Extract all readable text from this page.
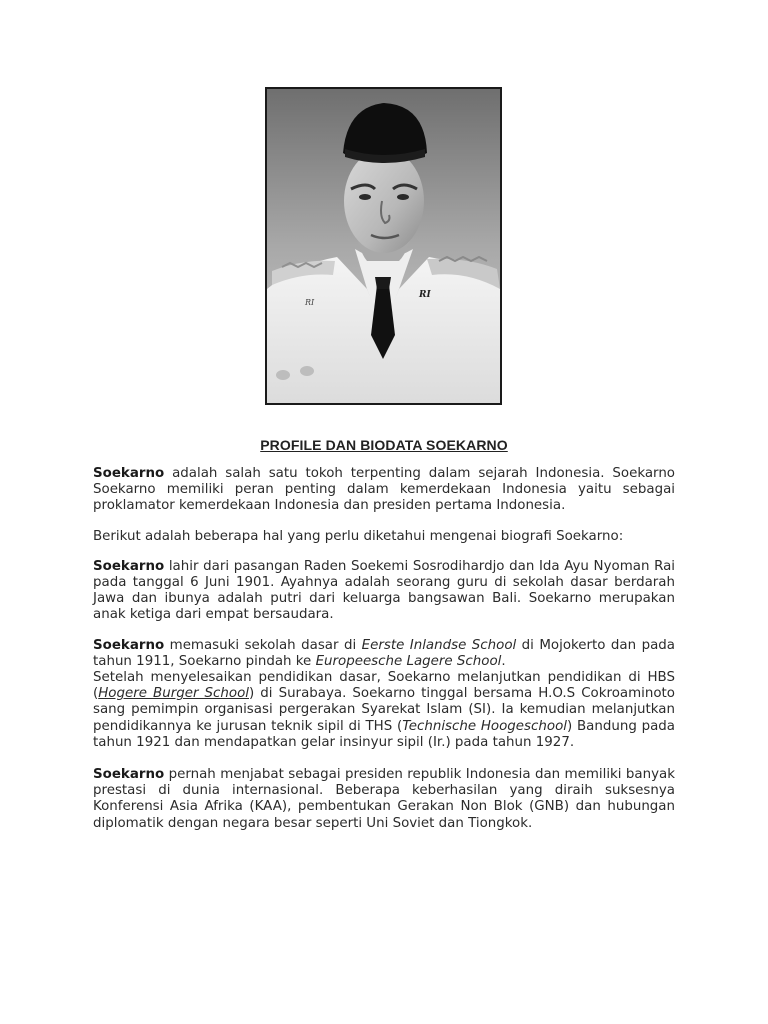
RI
RI
PROFILE DAN BIODATA SOEKARNO

Soekarno adalah salah satu tokoh terpenting dalam sejarah Indonesia. Soekarno Soekarno memiliki peran penting dalam kemerdekaan Indonesia yaitu sebagai proklamator kemerdekaan Indonesia dan presiden pertama Indonesia.

Berikut adalah beberapa hal yang perlu diketahui mengenai biografi Soekarno:

Soekarno lahir dari pasangan Raden Soekemi Sosrodihardjo dan Ida Ayu Nyoman Rai pada tanggal 6 Juni 1901. Ayahnya adalah seorang guru di sekolah dasar berdarah Jawa dan ibunya adalah putri dari keluarga bangsawan Bali. Soekarno merupakan anak ketiga dari empat bersaudara.

Soekarno memasuki sekolah dasar di Eerste Inlandse School di Mojokerto dan pada tahun 1911, Soekarno pindah ke Europeesche Lagere School.
Setelah menyelesaikan pendidikan dasar, Soekarno melanjutkan pendidikan di HBS (Hogere Burger School) di Surabaya. Soekarno tinggal bersama H.O.S Cokroaminoto sang pemimpin organisasi pergerakan Syarekat Islam (SI). Ia kemudian melanjutkan pendidikannya ke jurusan teknik sipil di THS (Technische Hoogeschool) Bandung pada tahun 1921 dan mendapatkan gelar insinyur sipil (Ir.) pada tahun 1927.

Soekarno pernah menjabat sebagai presiden republik Indonesia dan memiliki banyak prestasi di dunia internasional. Beberapa keberhasilan yang diraih suksesnya Konferensi Asia Afrika (KAA), pembentukan Gerakan Non Blok (GNB) dan hubungan diplomatik dengan negara besar seperti Uni Soviet dan Tiongkok.
